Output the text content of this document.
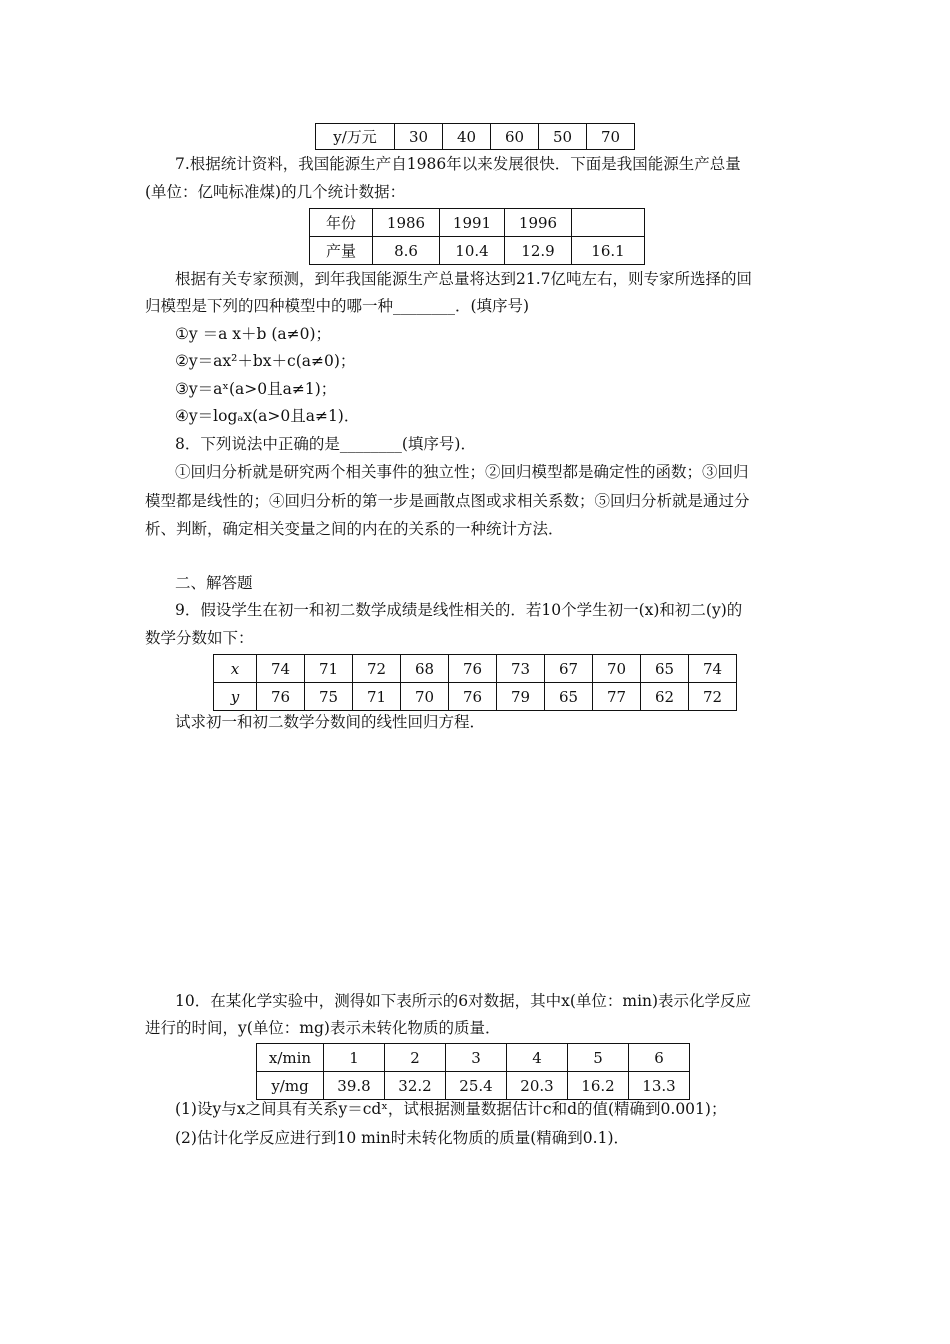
y/万元	30	40	60	50	70
7.根据统计资料，我国能源生产自1986年以来发展很快．下面是我国能源生产总量
(单位：亿吨标准煤)的几个统计数据：
年份	1986	1991	1996	
产量	8.6	10.4	12.9	16.1
根据有关专家预测，到年我国能源生产总量将达到21.7亿吨左右，则专家所选择的回
归模型是下列的四种模型中的哪一种________．(填序号)
①y ＝a x＋b (a≠0)；
②y＝ax²＋bx＋c(a≠0)；
③y＝aˣ(a>0且a≠1)；
④y＝logₐx(a>0且a≠1)．
8．下列说法中正确的是________(填序号)．
①回归分析就是研究两个相关事件的独立性；②回归模型都是确定性的函数；③回归
模型都是线性的；④回归分析的第一步是画散点图或求相关系数；⑤回归分析就是通过分
析、判断，确定相关变量之间的内在的关系的一种统计方法．
二、解答题
9．假设学生在初一和初二数学成绩是线性相关的．若10个学生初一(x)和初二(y)的
数学分数如下：
x	74	71	72	68	76	73	67	70	65	74
y	76	75	71	70	76	79	65	77	62	72
试求初一和初二数学分数间的线性回归方程．
10．在某化学实验中，测得如下表所示的6对数据，其中x(单位：min)表示化学反应
进行的时间，y(单位：mg)表示未转化物质的质量．
x/min	1	2	3	4	5	6
y/mg	39.8	32.2	25.4	20.3	16.2	13.3
(1)设y与x之间具有关系y＝cdˣ，试根据测量数据估计c和d的值(精确到0.001)；
(2)估计化学反应进行到10 min时未转化物质的质量(精确到0.1)．
